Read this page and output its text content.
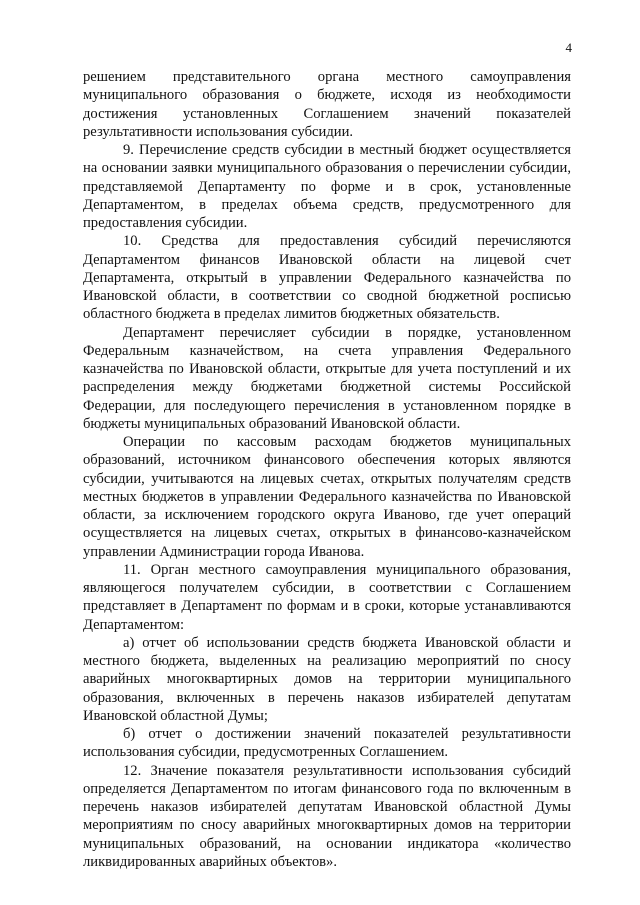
4

решением представительного органа местного самоуправления муниципального образования о бюджете, исходя из необходимости достижения установленных Соглашением значений показателей результативности использования субсидии.

9. Перечисление средств субсидии в местный бюджет осуществляется на основании заявки муниципального образования о перечислении субсидии, представляемой Департаменту по форме и в срок, установленные Департаментом, в пределах объема средств, предусмотренного для предоставления субсидии.

10. Средства для предоставления субсидий перечисляются Департаментом финансов Ивановской области на лицевой счет Департамента, открытый в управлении Федерального казначейства по Ивановской области, в соответствии со сводной бюджетной росписью областного бюджета в пределах лимитов бюджетных обязательств.

Департамент перечисляет субсидии в порядке, установленном Федеральным казначейством, на счета управления Федерального казначейства по Ивановской области, открытые для учета поступлений и их распределения между бюджетами бюджетной системы Российской Федерации, для последующего перечисления в установленном порядке в бюджеты муниципальных образований Ивановской области.

Операции по кассовым расходам бюджетов муниципальных образований, источником финансового обеспечения которых являются субсидии, учитываются на лицевых счетах, открытых получателям средств местных бюджетов в управлении Федерального казначейства по Ивановской области, за исключением городского округа Иваново, где учет операций осуществляется на лицевых счетах, открытых в финансово-казначейском управлении Администрации города Иванова.

11. Орган местного самоуправления муниципального образования, являющегося получателем субсидии, в соответствии с Соглашением представляет в Департамент по формам и в сроки, которые устанавливаются Департаментом:

а) отчет об использовании средств бюджета Ивановской области и местного бюджета, выделенных на реализацию мероприятий по сносу аварийных многоквартирных домов на территории муниципального образования, включенных в перечень наказов избирателей депутатам Ивановской областной Думы;

б) отчет о достижении значений показателей результативности использования субсидии, предусмотренных Соглашением.

12. Значение показателя результативности использования субсидий определяется Департаментом по итогам финансового года по включенным в перечень наказов избирателей депутатам Ивановской областной Думы мероприятиям по сносу аварийных многоквартирных домов на территории муниципальных образований, на основании индикатора «количество ликвидированных аварийных объектов».
